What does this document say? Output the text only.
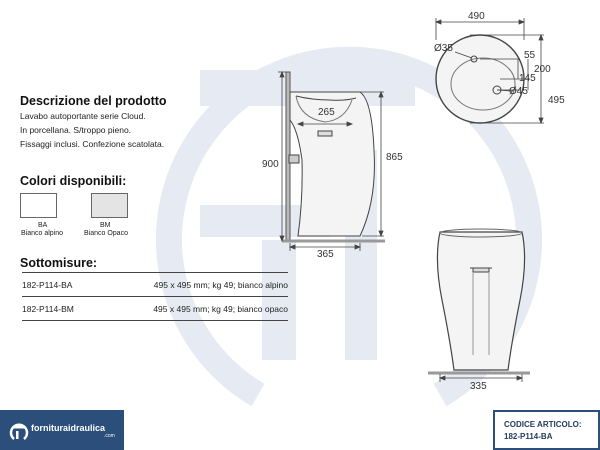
265
900
865
365
490
Ø35
55
200
145
Ø45
495
335
Descrizione del prodotto
Lavabo autoportante serie Cloud.
In porcellana. S/troppo pieno.
Fissaggi inclusi. Confezione scatolata.
Colori disponibili:
BA
Bianco alpino
BM
Bianco Opaco
Sottomisure:
182-P114-BA	495 x 495 mm; kg 49; bianco alpino
182-P114-BM	495 x 495 mm; kg 49; bianco opaco
fornituraidraulica
.com
CODICE ARTICOLO:
182-P114-BA
